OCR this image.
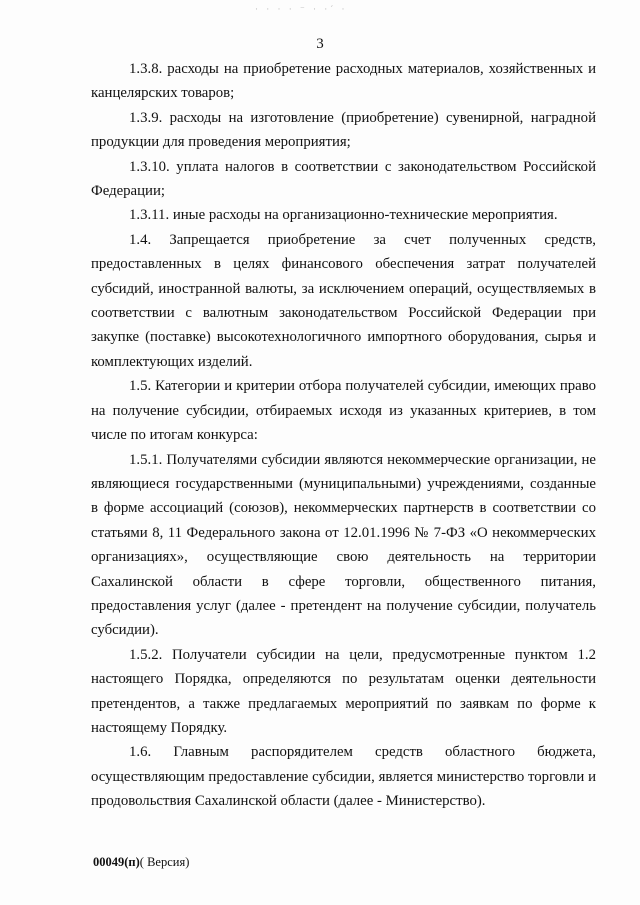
· · · · ⁻ · ·ˊ ·
3

1.3.8. расходы на приобретение расходных материалов, хозяйственных и канцелярских товаров;

1.3.9. расходы на изготовление (приобретение) сувенирной, наградной продукции для проведения мероприятия;

1.3.10. уплата налогов в соответствии с законодательством Российской Федерации;

1.3.11. иные расходы на организационно-технические мероприятия.

1.4. Запрещается приобретение за счет полученных средств, предоставленных в целях финансового обеспечения затрат получателей субсидий, иностранной валюты, за исключением операций, осуществляемых в соответствии с валютным законодательством Российской Федерации при закупке (поставке) высокотехнологичного импортного оборудования, сырья и комплектующих изделий.

1.5. Категории и критерии отбора получателей субсидии, имеющих право на получение субсидии, отбираемых исходя из указанных критериев, в том числе по итогам конкурса:

1.5.1. Получателями субсидии являются некоммерческие организации, не являющиеся государственными (муниципальными) учреждениями, созданные в форме ассоциаций (союзов), некоммерческих партнерств в соответствии со статьями 8, 11 Федерального закона от 12.01.1996 № 7-ФЗ «О некоммерческих организациях», осуществляющие свою деятельность на территории Сахалинской области в сфере торговли, общественного питания, предоставления услуг (далее - претендент на получение субсидии, получатель субсидии).

1.5.2. Получатели субсидии на цели, предусмотренные пунктом 1.2 настоящего Порядка, определяются по результатам оценки деятельности претендентов, а также предлагаемых мероприятий по заявкам по форме к настоящему Порядку.

1.6. Главным распорядителем средств областного бюджета, осуществляющим предоставление субсидии, является министерство торговли и продовольствия Сахалинской области (далее - Министерство).

00049(п)( Версия)
